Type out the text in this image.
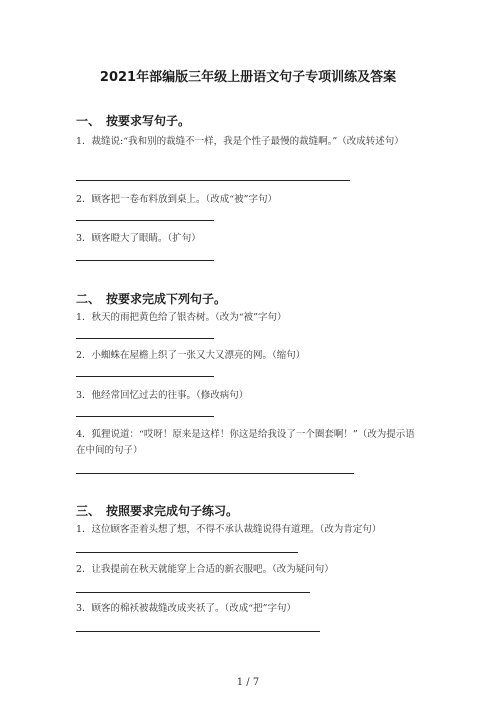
2021年部编版三年级上册语文句子专项训练及答案
一、 按要求写句子。
1．裁缝说:“我和别的裁缝不一样，我是个性子最慢的裁缝啊。”（改成转述句）
2．顾客把一卷布料放到桌上。（改成“被”字句）
3．顾客瞪大了眼睛。（扩句）
二、 按要求完成下列句子。
1．秋天的雨把黄色给了银杏树。（改为“被”字句）
2．小蜘蛛在屋檐上织了一张又大又漂亮的网。（缩句）
3．他经常回忆过去的往事。（修改病句）
4．狐狸说道：“哎呀！原来是这样！你这是给我设了一个圈套啊！”（改为提示语在中间的句子）
三、 按照要求完成句子练习。
1．这位顾客歪着头想了想，不得不承认裁缝说得有道理。（改为肯定句）
2．让我提前在秋天就能穿上合适的新衣服吧。（改为疑问句）
3．顾客的棉袄被裁缝改成夹袄了。（改成“把”字句）
1 / 7
